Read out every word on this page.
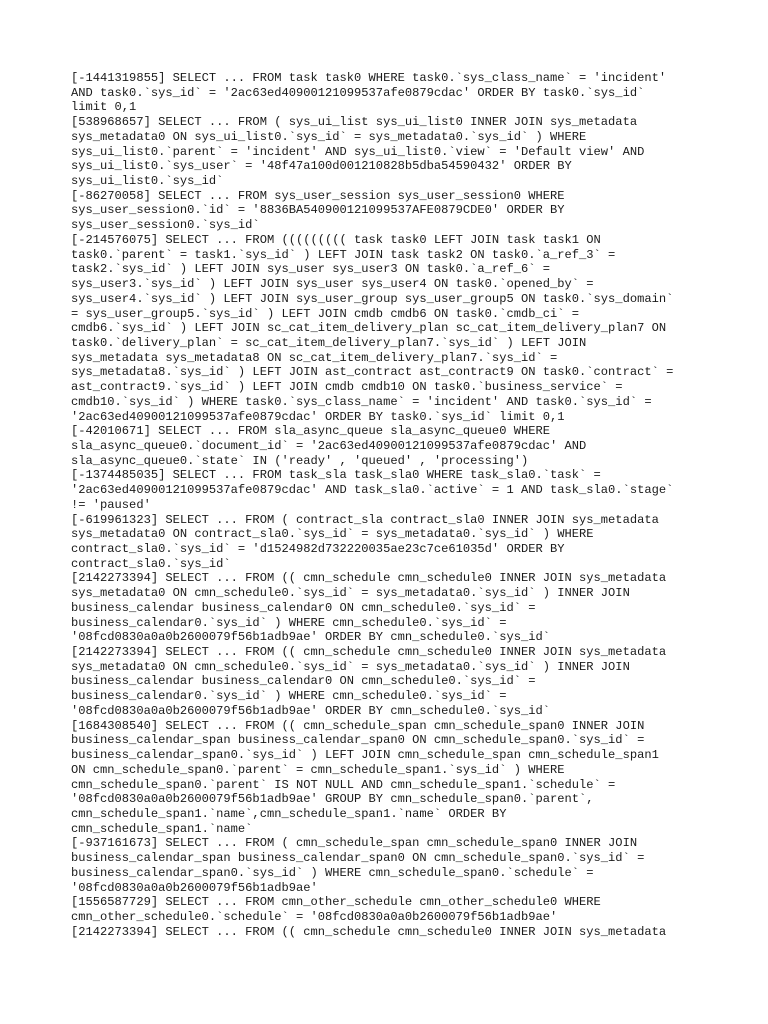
[-1441319855] SELECT ... FROM task task0 WHERE task0.`sys_class_name` = 'incident'
AND task0.`sys_id` = '2ac63ed40900121099537afe0879cdac' ORDER BY task0.`sys_id`
limit 0,1
[538968657] SELECT ... FROM ( sys_ui_list sys_ui_list0 INNER JOIN sys_metadata
sys_metadata0 ON sys_ui_list0.`sys_id` = sys_metadata0.`sys_id` ) WHERE
sys_ui_list0.`parent` = 'incident' AND sys_ui_list0.`view` = 'Default view' AND
sys_ui_list0.`sys_user` = '48f47a100d001210828b5dba54590432' ORDER BY
sys_ui_list0.`sys_id`
[-86270058] SELECT ... FROM sys_user_session sys_user_session0 WHERE
sys_user_session0.`id` = '8836BA540900121099537AFE0879CDE0' ORDER BY
sys_user_session0.`sys_id`
[-214576075] SELECT ... FROM ((((((((( task task0 LEFT JOIN task task1 ON
task0.`parent` = task1.`sys_id` ) LEFT JOIN task task2 ON task0.`a_ref_3` =
task2.`sys_id` ) LEFT JOIN sys_user sys_user3 ON task0.`a_ref_6` =
sys_user3.`sys_id` ) LEFT JOIN sys_user sys_user4 ON task0.`opened_by` =
sys_user4.`sys_id` ) LEFT JOIN sys_user_group sys_user_group5 ON task0.`sys_domain`
= sys_user_group5.`sys_id` ) LEFT JOIN cmdb cmdb6 ON task0.`cmdb_ci` =
cmdb6.`sys_id` ) LEFT JOIN sc_cat_item_delivery_plan sc_cat_item_delivery_plan7 ON
task0.`delivery_plan` = sc_cat_item_delivery_plan7.`sys_id` ) LEFT JOIN
sys_metadata sys_metadata8 ON sc_cat_item_delivery_plan7.`sys_id` =
sys_metadata8.`sys_id` ) LEFT JOIN ast_contract ast_contract9 ON task0.`contract` =
ast_contract9.`sys_id` ) LEFT JOIN cmdb cmdb10 ON task0.`business_service` =
cmdb10.`sys_id` ) WHERE task0.`sys_class_name` = 'incident' AND task0.`sys_id` =
'2ac63ed40900121099537afe0879cdac' ORDER BY task0.`sys_id` limit 0,1
[-42010671] SELECT ... FROM sla_async_queue sla_async_queue0 WHERE
sla_async_queue0.`document_id` = '2ac63ed40900121099537afe0879cdac' AND
sla_async_queue0.`state` IN ('ready' , 'queued' , 'processing')
[-1374485035] SELECT ... FROM task_sla task_sla0 WHERE task_sla0.`task` =
'2ac63ed40900121099537afe0879cdac' AND task_sla0.`active` = 1 AND task_sla0.`stage`
!= 'paused'
[-619961323] SELECT ... FROM ( contract_sla contract_sla0 INNER JOIN sys_metadata
sys_metadata0 ON contract_sla0.`sys_id` = sys_metadata0.`sys_id` ) WHERE
contract_sla0.`sys_id` = 'd1524982d732220035ae23c7ce61035d' ORDER BY
contract_sla0.`sys_id`
[2142273394] SELECT ... FROM (( cmn_schedule cmn_schedule0 INNER JOIN sys_metadata
sys_metadata0 ON cmn_schedule0.`sys_id` = sys_metadata0.`sys_id` ) INNER JOIN
business_calendar business_calendar0 ON cmn_schedule0.`sys_id` =
business_calendar0.`sys_id` ) WHERE cmn_schedule0.`sys_id` =
'08fcd0830a0a0b2600079f56b1adb9ae' ORDER BY cmn_schedule0.`sys_id`
[2142273394] SELECT ... FROM (( cmn_schedule cmn_schedule0 INNER JOIN sys_metadata
sys_metadata0 ON cmn_schedule0.`sys_id` = sys_metadata0.`sys_id` ) INNER JOIN
business_calendar business_calendar0 ON cmn_schedule0.`sys_id` =
business_calendar0.`sys_id` ) WHERE cmn_schedule0.`sys_id` =
'08fcd0830a0a0b2600079f56b1adb9ae' ORDER BY cmn_schedule0.`sys_id`
[1684308540] SELECT ... FROM (( cmn_schedule_span cmn_schedule_span0 INNER JOIN
business_calendar_span business_calendar_span0 ON cmn_schedule_span0.`sys_id` =
business_calendar_span0.`sys_id` ) LEFT JOIN cmn_schedule_span cmn_schedule_span1
ON cmn_schedule_span0.`parent` = cmn_schedule_span1.`sys_id` ) WHERE
cmn_schedule_span0.`parent` IS NOT NULL AND cmn_schedule_span1.`schedule` =
'08fcd0830a0a0b2600079f56b1adb9ae' GROUP BY cmn_schedule_span0.`parent`,
cmn_schedule_span1.`name`,cmn_schedule_span1.`name` ORDER BY
cmn_schedule_span1.`name`
[-937161673] SELECT ... FROM ( cmn_schedule_span cmn_schedule_span0 INNER JOIN
business_calendar_span business_calendar_span0 ON cmn_schedule_span0.`sys_id` =
business_calendar_span0.`sys_id` ) WHERE cmn_schedule_span0.`schedule` =
'08fcd0830a0a0b2600079f56b1adb9ae'
[1556587729] SELECT ... FROM cmn_other_schedule cmn_other_schedule0 WHERE
cmn_other_schedule0.`schedule` = '08fcd0830a0a0b2600079f56b1adb9ae'
[2142273394] SELECT ... FROM (( cmn_schedule cmn_schedule0 INNER JOIN sys_metadata
